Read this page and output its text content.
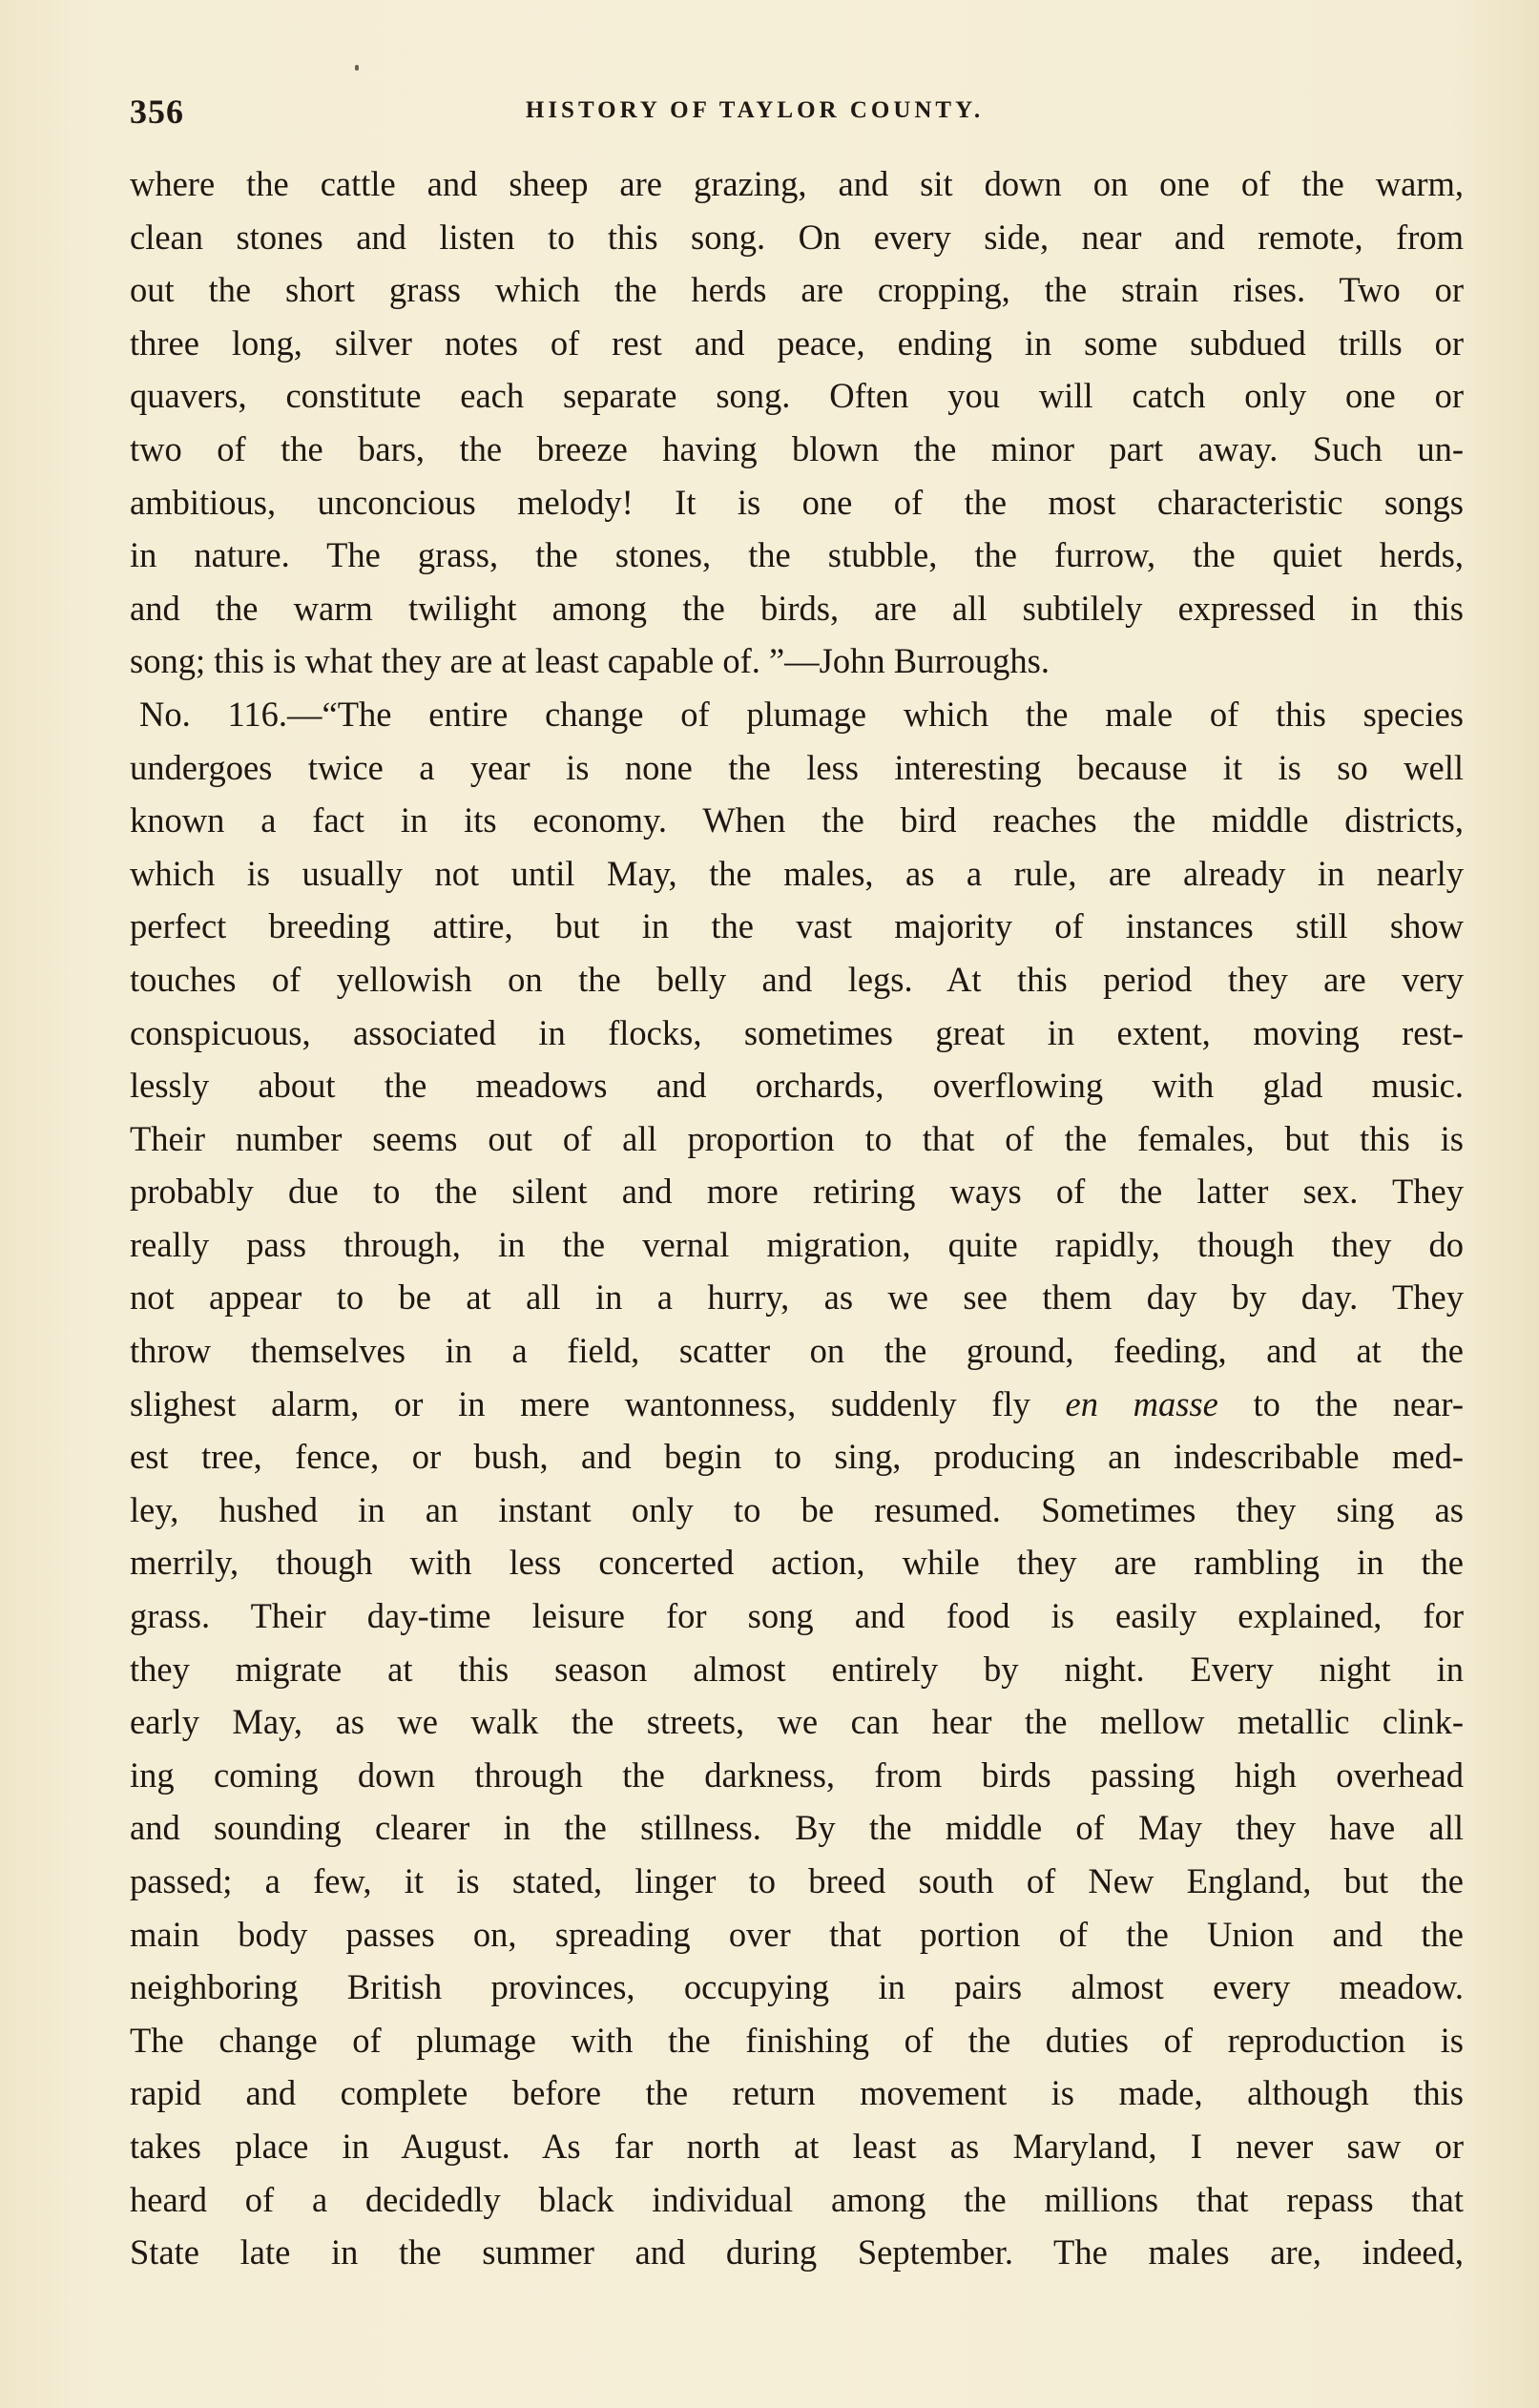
356	HISTORY OF TAYLOR COUNTY.
where the cattle and sheep are grazing, and sit down on one of the warm,
clean stones and listen to this song. On every side, near and remote, from
out the short grass which the herds are cropping, the strain rises. Two or
three long, silver notes of rest and peace, ending in some subdued trills or
quavers, constitute each separate song. Often you will catch only one or
two of the bars, the breeze having blown the minor part away. Such un-
ambitious, unconcious melody! It is one of the most characteristic songs
in nature. The grass, the stones, the stubble, the furrow, the quiet herds,
and the warm twilight among the birds, are all subtilely expressed in this
song; this is what they are at least capable of. ”—John Burroughs.
No. 116.—“The entire change of plumage which the male of this species
undergoes twice a year is none the less interesting because it is so well
known a fact in its economy. When the bird reaches the middle districts,
which is usually not until May, the males, as a rule, are already in nearly
perfect breeding attire, but in the vast majority of instances still show
touches of yellowish on the belly and legs. At this period they are very
conspicuous, associated in flocks, sometimes great in extent, moving rest-
lessly about the meadows and orchards, overflowing with glad music.
Their number seems out of all proportion to that of the females, but this is
probably due to the silent and more retiring ways of the latter sex. They
really pass through, in the vernal migration, quite rapidly, though they do
not appear to be at all in a hurry, as we see them day by day. They
throw themselves in a field, scatter on the ground, feeding, and at the
slighest alarm, or in mere wantonness, suddenly fly en masse to the near-
est tree, fence, or bush, and begin to sing, producing an indescribable med-
ley, hushed in an instant only to be resumed. Sometimes they sing as
merrily, though with less concerted action, while they are rambling in the
grass. Their day-time leisure for song and food is easily explained, for
they migrate at this season almost entirely by night. Every night in
early May, as we walk the streets, we can hear the mellow metallic clink-
ing coming down through the darkness, from birds passing high overhead
and sounding clearer in the stillness. By the middle of May they have all
passed; a few, it is stated, linger to breed south of New England, but the
main body passes on, spreading over that portion of the Union and the
neighboring British provinces, occupying in pairs almost every meadow.
The change of plumage with the finishing of the duties of reproduction is
rapid and complete before the return movement is made, although this
takes place in August. As far north at least as Maryland, I never saw or
heard of a decidedly black individual among the millions that repass that
State late in the summer and during September. The males are, indeed,
